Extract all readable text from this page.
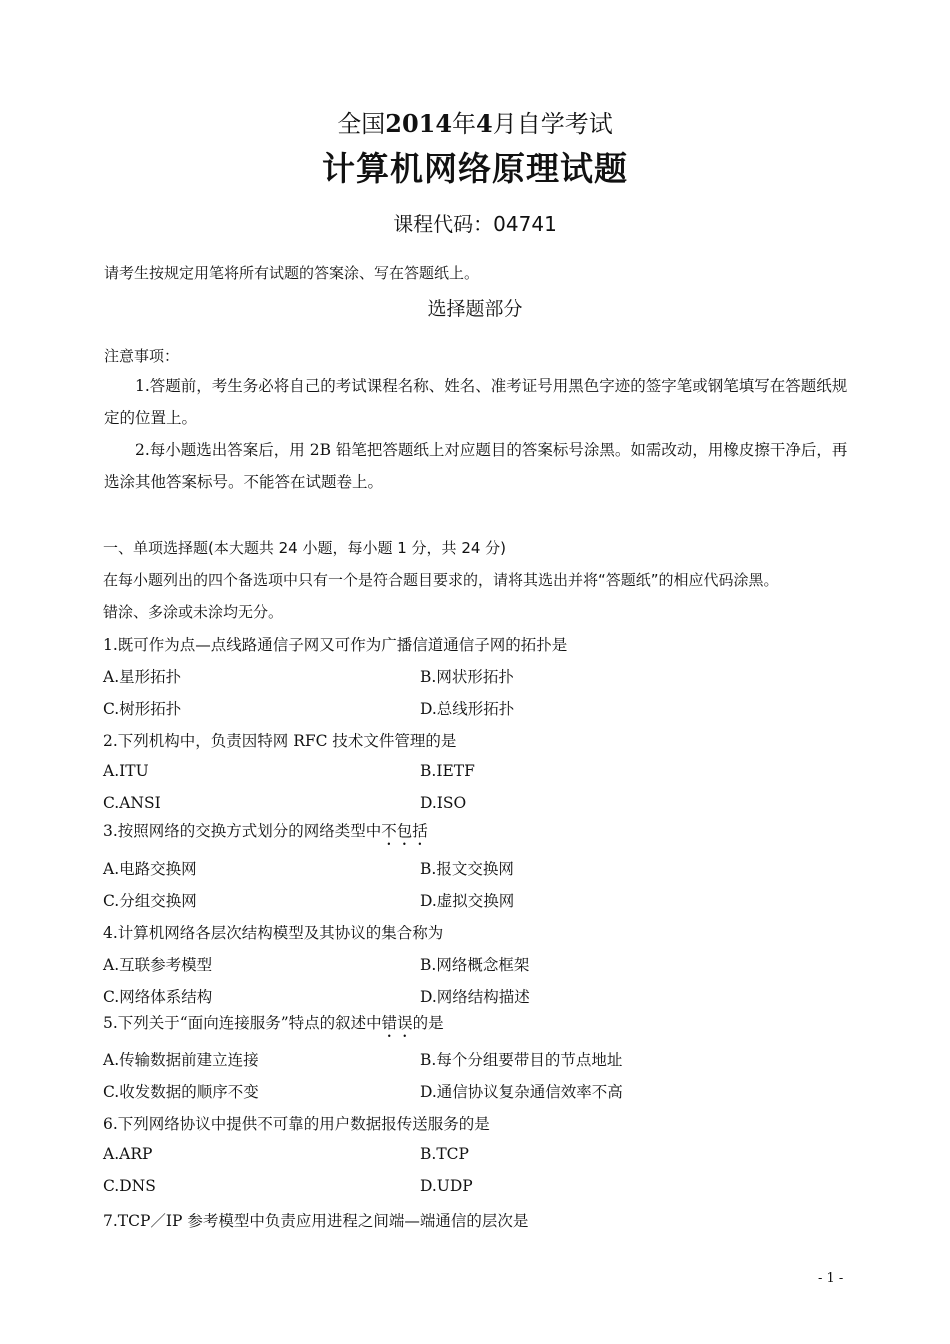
全国2014年4月自学考试
计算机网络原理试题
课程代码：04741
请考生按规定用笔将所有试题的答案涂、写在答题纸上。
选择题部分
注意事项：
1.答题前，考生务必将自己的考试课程名称、姓名、准考证号用黑色字迹的签字笔或钢笔填写在答题纸规定的位置上。
2.每小题选出答案后，用 2B 铅笔把答题纸上对应题目的答案标号涂黑。如需改动，用橡皮擦干净后，再选涂其他答案标号。不能答在试题卷上。
一、单项选择题(本大题共 24 小题，每小题 1 分，共 24 分)
在每小题列出的四个备选项中只有一个是符合题目要求的，请将其选出并将“答题纸”的相应代码涂黑。
错涂、多涂或未涂均无分。
1.既可作为点—点线路通信子网又可作为广播信道通信子网的拓扑是
A.星形拓扑	B.网状形拓扑
C.树形拓扑	D.总线形拓扑
2.下列机构中，负责因特网 RFC 技术文件管理的是
A.ITU	B.IETF
C.ANSI	D.ISO
3.按照网络的交换方式划分的网络类型中不包括
A.电路交换网	B.报文交换网
C.分组交换网	D.虚拟交换网
4.计算机网络各层次结构模型及其协议的集合称为
A.互联参考模型	B.网络概念框架
C.网络体系结构	D.网络结构描述
5.下列关于“面向连接服务”特点的叙述中错误的是
A.传输数据前建立连接	B.每个分组要带目的节点地址
C.收发数据的顺序不变	D.通信协议复杂通信效率不高
6.下列网络协议中提供不可靠的用户数据报传送服务的是
A.ARP	B.TCP
C.DNS	D.UDP
7.TCP／IP 参考模型中负责应用进程之间端—端通信的层次是
- 1 -
